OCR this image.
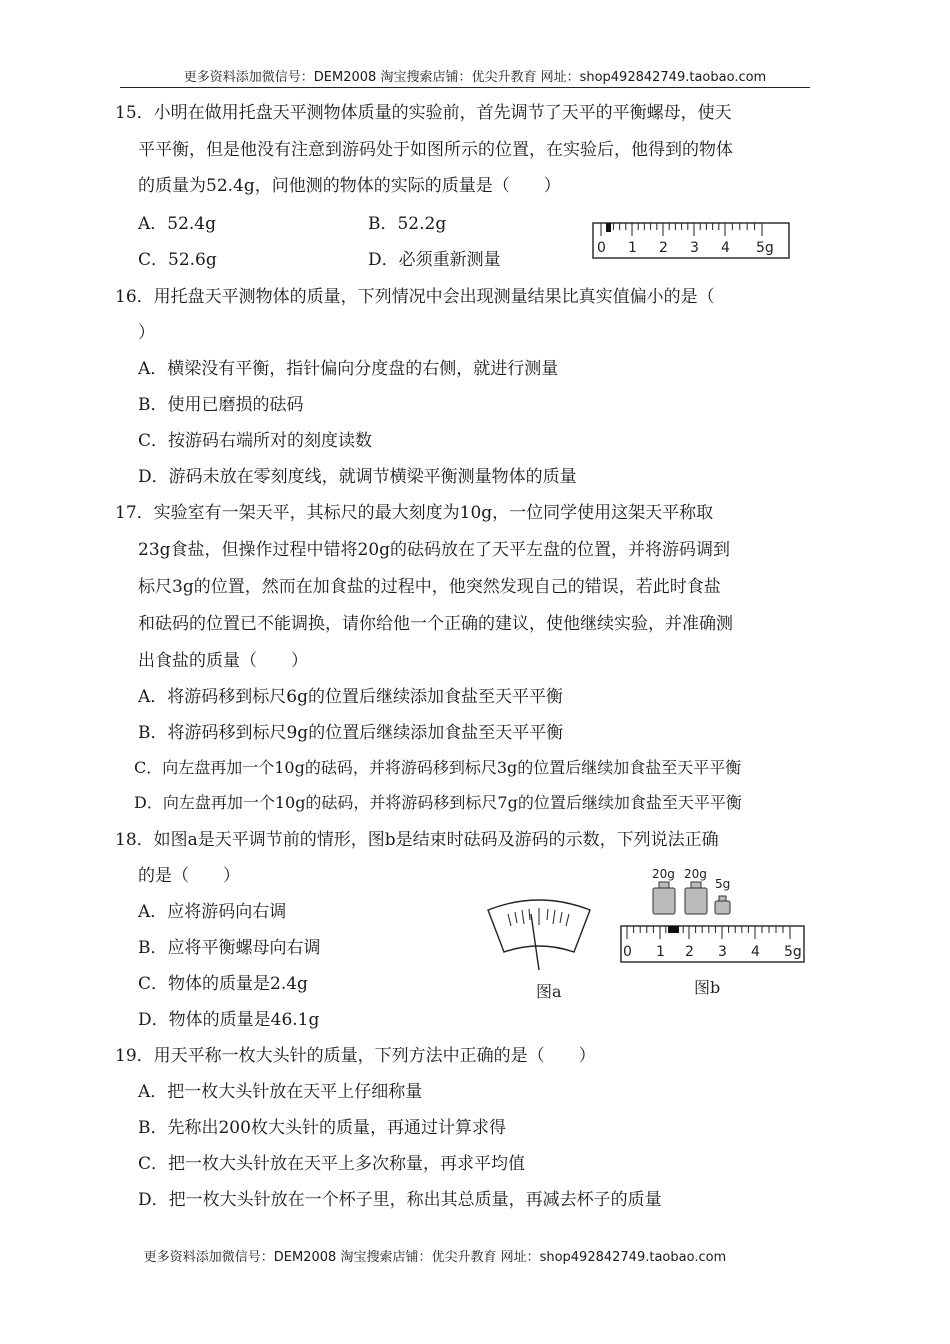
更多资料添加微信号：DEM2008 淘宝搜索店铺：优尖升教育 网址：shop492842749.taobao.com
15．小明在做用托盘天平测物体质量的实验前，首先调节了天平的平衡螺母，使天
平平衡，但是他没有注意到游码处于如图所示的位置，在实验后，他得到的物体
的质量为52.4g，问他测的物体的实际的质量是（　　）
A．52.4g	B．52.2g
C．52.6g	D．必须重新测量
0 1 2 3 4 5g
16．用托盘天平测物体的质量，下列情况中会出现测量结果比真实值偏小的是（
）
A．横梁没有平衡，指针偏向分度盘的右侧，就进行测量
B．使用已磨损的砝码
C．按游码右端所对的刻度读数
D．游码未放在零刻度线，就调节横梁平衡测量物体的质量
17．实验室有一架天平，其标尺的最大刻度为10g，一位同学使用这架天平称取
23g食盐，但操作过程中错将20g的砝码放在了天平左盘的位置，并将游码调到
标尺3g的位置，然而在加食盐的过程中，他突然发现自己的错误，若此时食盐
和砝码的位置已不能调换，请你给他一个正确的建议，使他继续实验，并准确测
出食盐的质量（　　）
A．将游码移到标尺6g的位置后继续添加食盐至天平平衡
B．将游码移到标尺9g的位置后继续添加食盐至天平平衡
C．向左盘再加一个10g的砝码，并将游码移到标尺3g的位置后继续加食盐至天平平衡
D．向左盘再加一个10g的砝码，并将游码移到标尺7g的位置后继续加食盐至天平平衡
18．如图a是天平调节前的情形，图b是结束时砝码及游码的示数，下列说法正确
的是（　　）
A．应将游码向右调
B．应将平衡螺母向右调
C．物体的质量是2.4g
D．物体的质量是46.1g
图a
20g 20g
5g
0 1 2 3 4 5g
图b
19．用天平称一枚大头针的质量，下列方法中正确的是（　　）
A．把一枚大头针放在天平上仔细称量
B．先称出200枚大头针的质量，再通过计算求得
C．把一枚大头针放在天平上多次称量，再求平均值
D．把一枚大头针放在一个杯子里，称出其总质量，再减去杯子的质量
更多资料添加微信号：DEM2008 淘宝搜索店铺：优尖升教育 网址：shop492842749.taobao.com
